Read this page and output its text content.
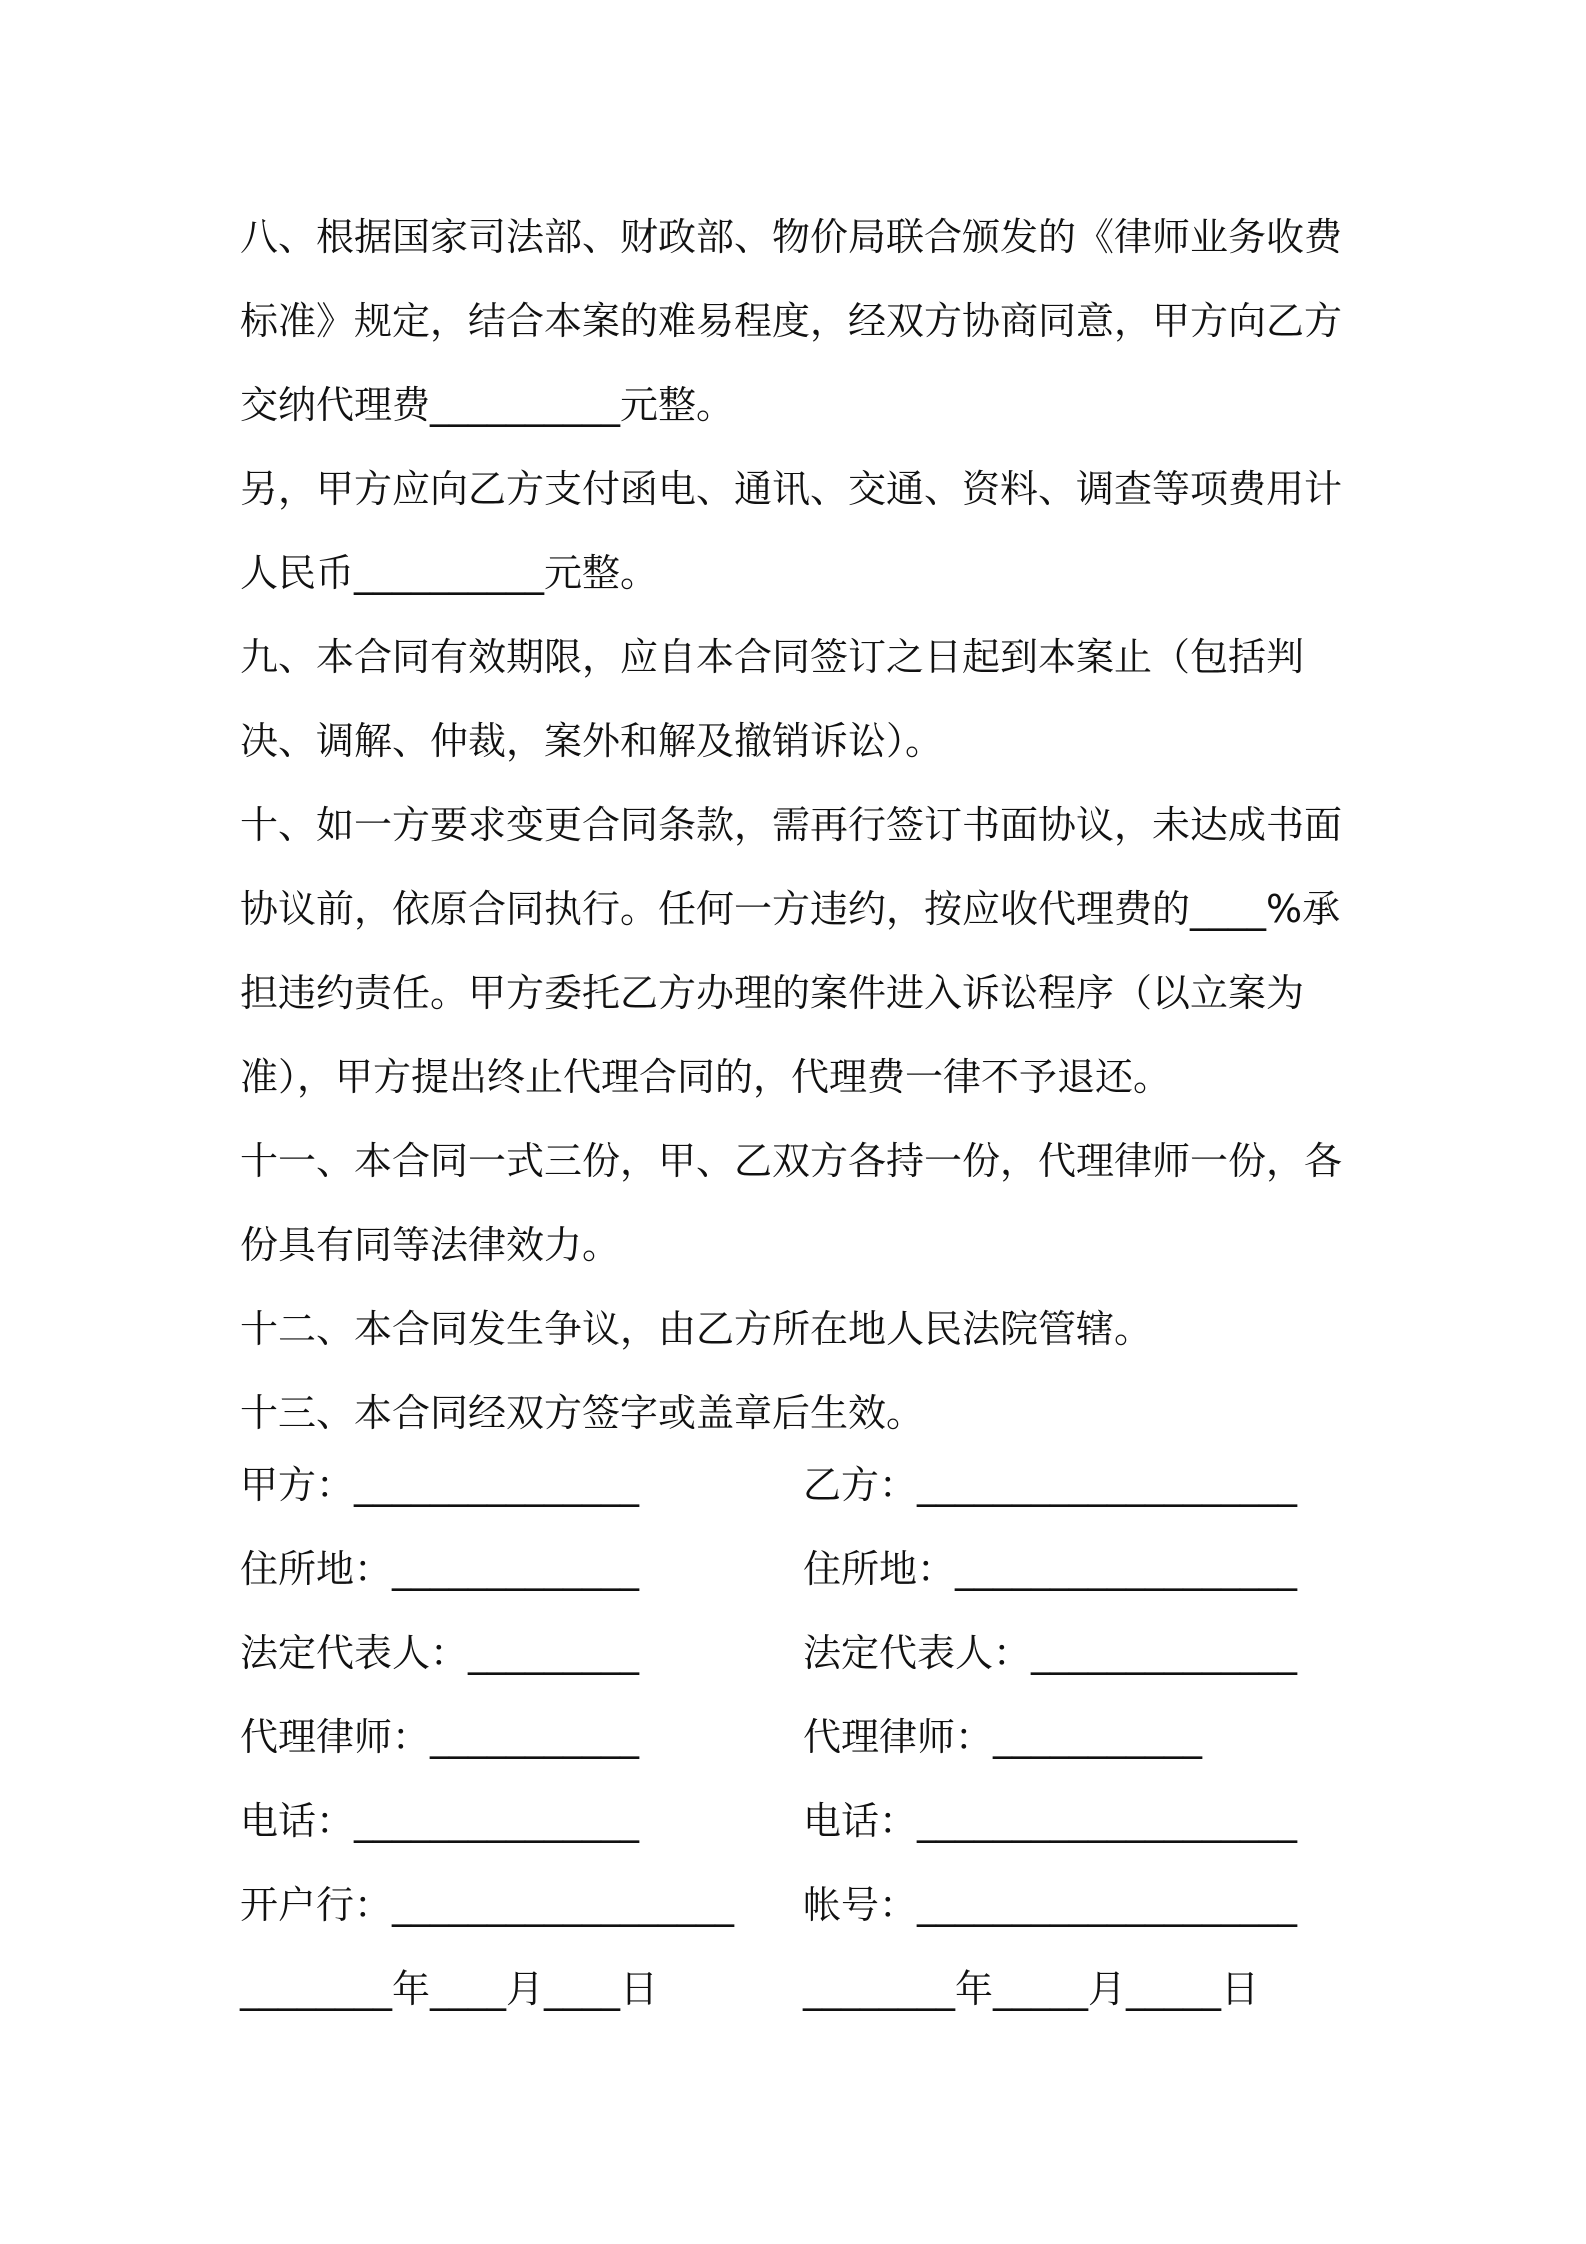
八、根据国家司法部、财政部、物价局联合颁发的《律师业务收费标准》规定，结合本案的难易程度，经双方协商同意，甲方向乙方交纳代理费__________元整。

另，甲方应向乙方支付函电、通讯、交通、资料、调查等项费用计人民币__________元整。

九、本合同有效期限，应自本合同签订之日起到本案止（包括判决、调解、仲裁，案外和解及撤销诉讼）。

十、如一方要求变更合同条款，需再行签订书面协议，未达成书面协议前，依原合同执行。任何一方违约，按应收代理费的____%承担违约责任。甲方委托乙方办理的案件进入诉讼程序（以立案为准），甲方提出终止代理合同的，代理费一律不予退还。

十一、本合同一式三份，甲、乙双方各持一份，代理律师一份，各份具有同等法律效力。

十二、本合同发生争议，由乙方所在地人民法院管辖。

十三、本合同经双方签字或盖章后生效。

甲方：_______________	乙方：____________________
住所地：_____________	住所地：__________________
法定代表人：_________	法定代表人：______________
代理律师：___________	代理律师：___________
电话：_______________	电话：____________________
开户行：__________________ 帐号：____________________
________年____月____日	________年_____月_____日
